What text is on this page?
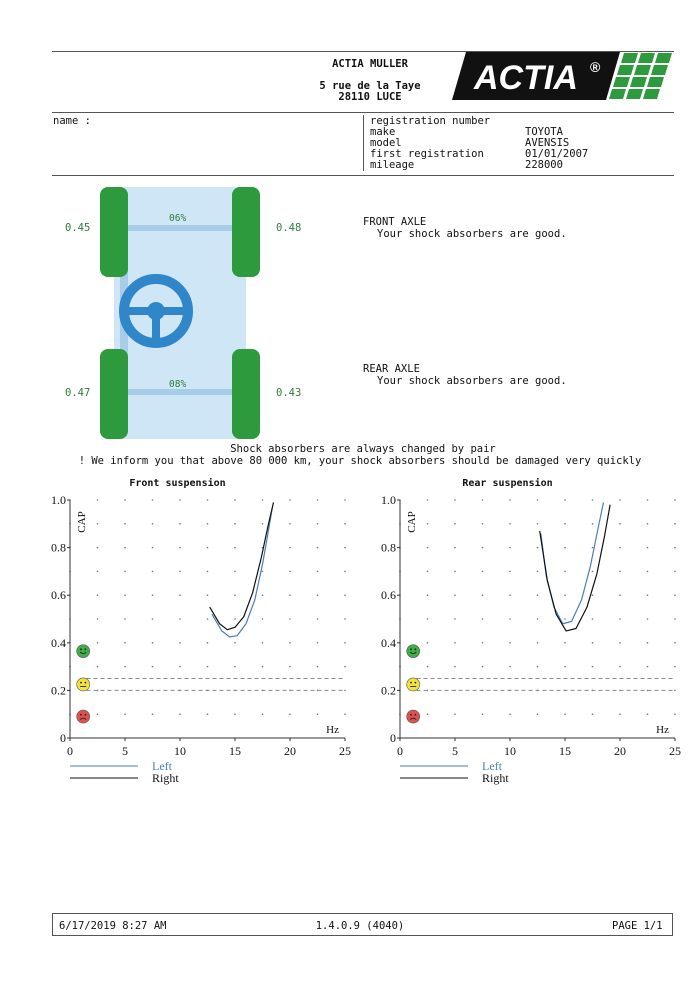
ACTIA MULLER
5 rue de la Taye
28110 LUCE	ACTIA ®
name :	registration number
make	TOYOTA
model	AVENSIS
first registration	01/01/2007
mileage	228000
0.45	0.48
06%
0.47	0.43
08%
FRONT AXLE
Your shock absorbers are good.
REAR AXLE
Your shock absorbers are good.
Shock absorbers are always changed by pair
! We inform you that above 80 000 km, your shock absorbers should be damaged very quickly
Front suspension
0
0.2
0.4
0.6
0.8
1.0
0	5	10	15	20	25
CAP
Hz
Left
Right
Rear suspension
0
0.2
0.4
0.6
0.8
1.0
0	5	10	15	20	25
CAP
Hz
Left
Right
6/17/2019 8:27 AM	1.4.0.9 (4040)	PAGE 1/1
